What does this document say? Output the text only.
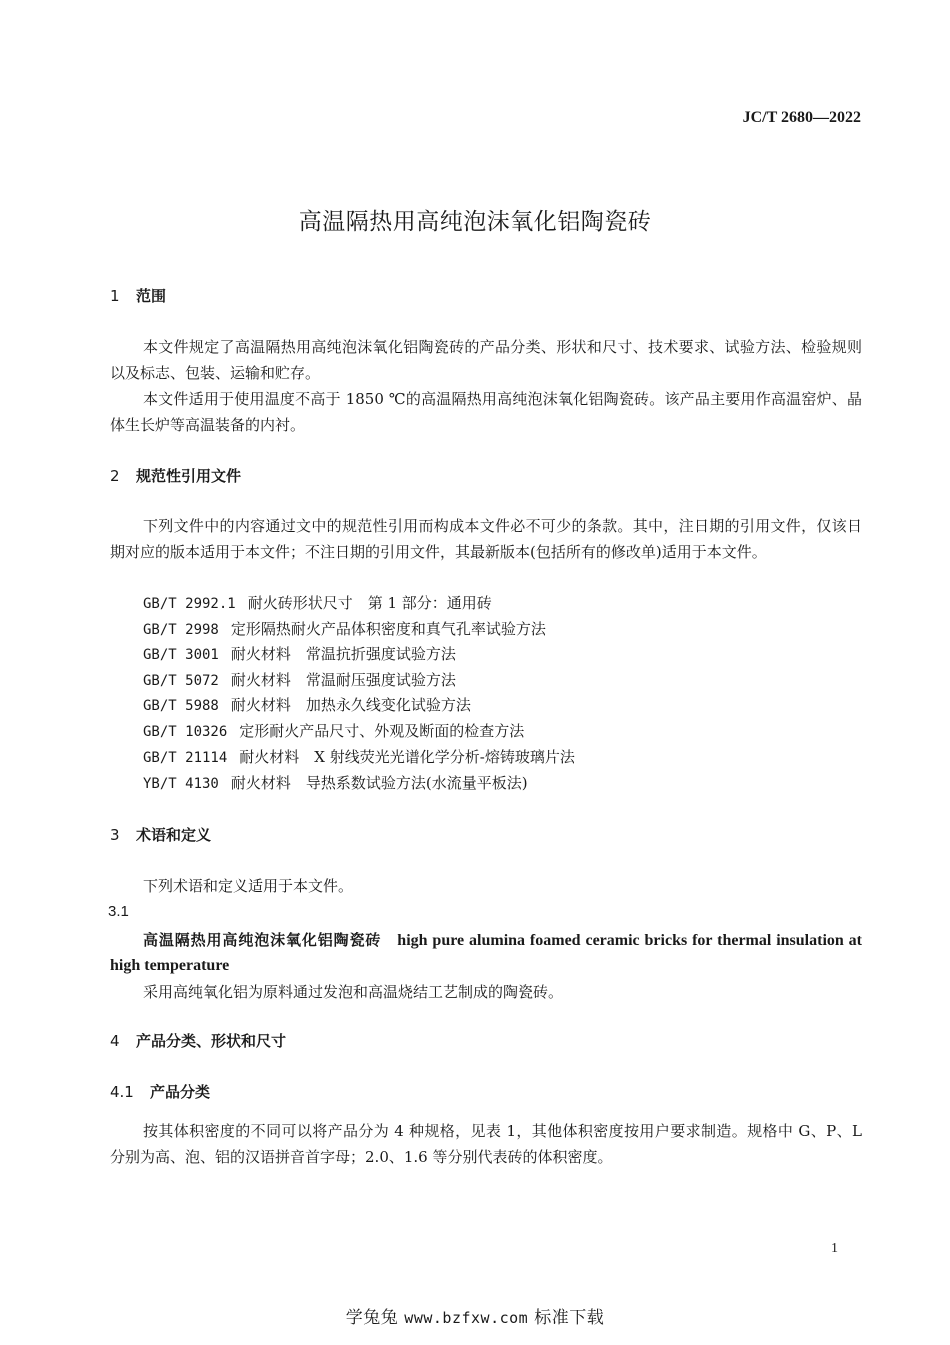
JC/T 2680—2022
高温隔热用高纯泡沫氧化铝陶瓷砖
1 范围
本文件规定了高温隔热用高纯泡沫氧化铝陶瓷砖的产品分类、形状和尺寸、技术要求、试验方法、检验规则以及标志、包装、运输和贮存。
本文件适用于使用温度不高于 1850 ℃的高温隔热用高纯泡沫氧化铝陶瓷砖。该产品主要用作高温窑炉、晶体生长炉等高温装备的内衬。
2 规范性引用文件
下列文件中的内容通过文中的规范性引用而构成本文件必不可少的条款。其中，注日期的引用文件，仅该日期对应的版本适用于本文件；不注日期的引用文件，其最新版本(包括所有的修改单)适用于本文件。
GB/T 2992.1 耐火砖形状尺寸　第 1 部分：通用砖
GB/T 2998 定形隔热耐火产品体积密度和真气孔率试验方法
GB/T 3001 耐火材料　常温抗折强度试验方法
GB/T 5072 耐火材料　常温耐压强度试验方法
GB/T 5988 耐火材料　加热永久线变化试验方法
GB/T 10326 定形耐火产品尺寸、外观及断面的检查方法
GB/T 21114 耐火材料　X 射线荧光光谱化学分析-熔铸玻璃片法
YB/T 4130 耐火材料　导热系数试验方法(水流量平板法)
3 术语和定义
下列术语和定义适用于本文件。
3.1
高温隔热用高纯泡沫氧化铝陶瓷砖 high pure alumina foamed ceramic bricks for thermal insulation at high temperature
采用高纯氧化铝为原料通过发泡和高温烧结工艺制成的陶瓷砖。
4 产品分类、形状和尺寸
4.1 产品分类
按其体积密度的不同可以将产品分为 4 种规格，见表 1，其他体积密度按用户要求制造。规格中 G、P、L 分别为高、泡、铝的汉语拼音首字母；2.0、1.6 等分别代表砖的体积密度。
1
学兔兔 www.bzfxw.com 标准下载
